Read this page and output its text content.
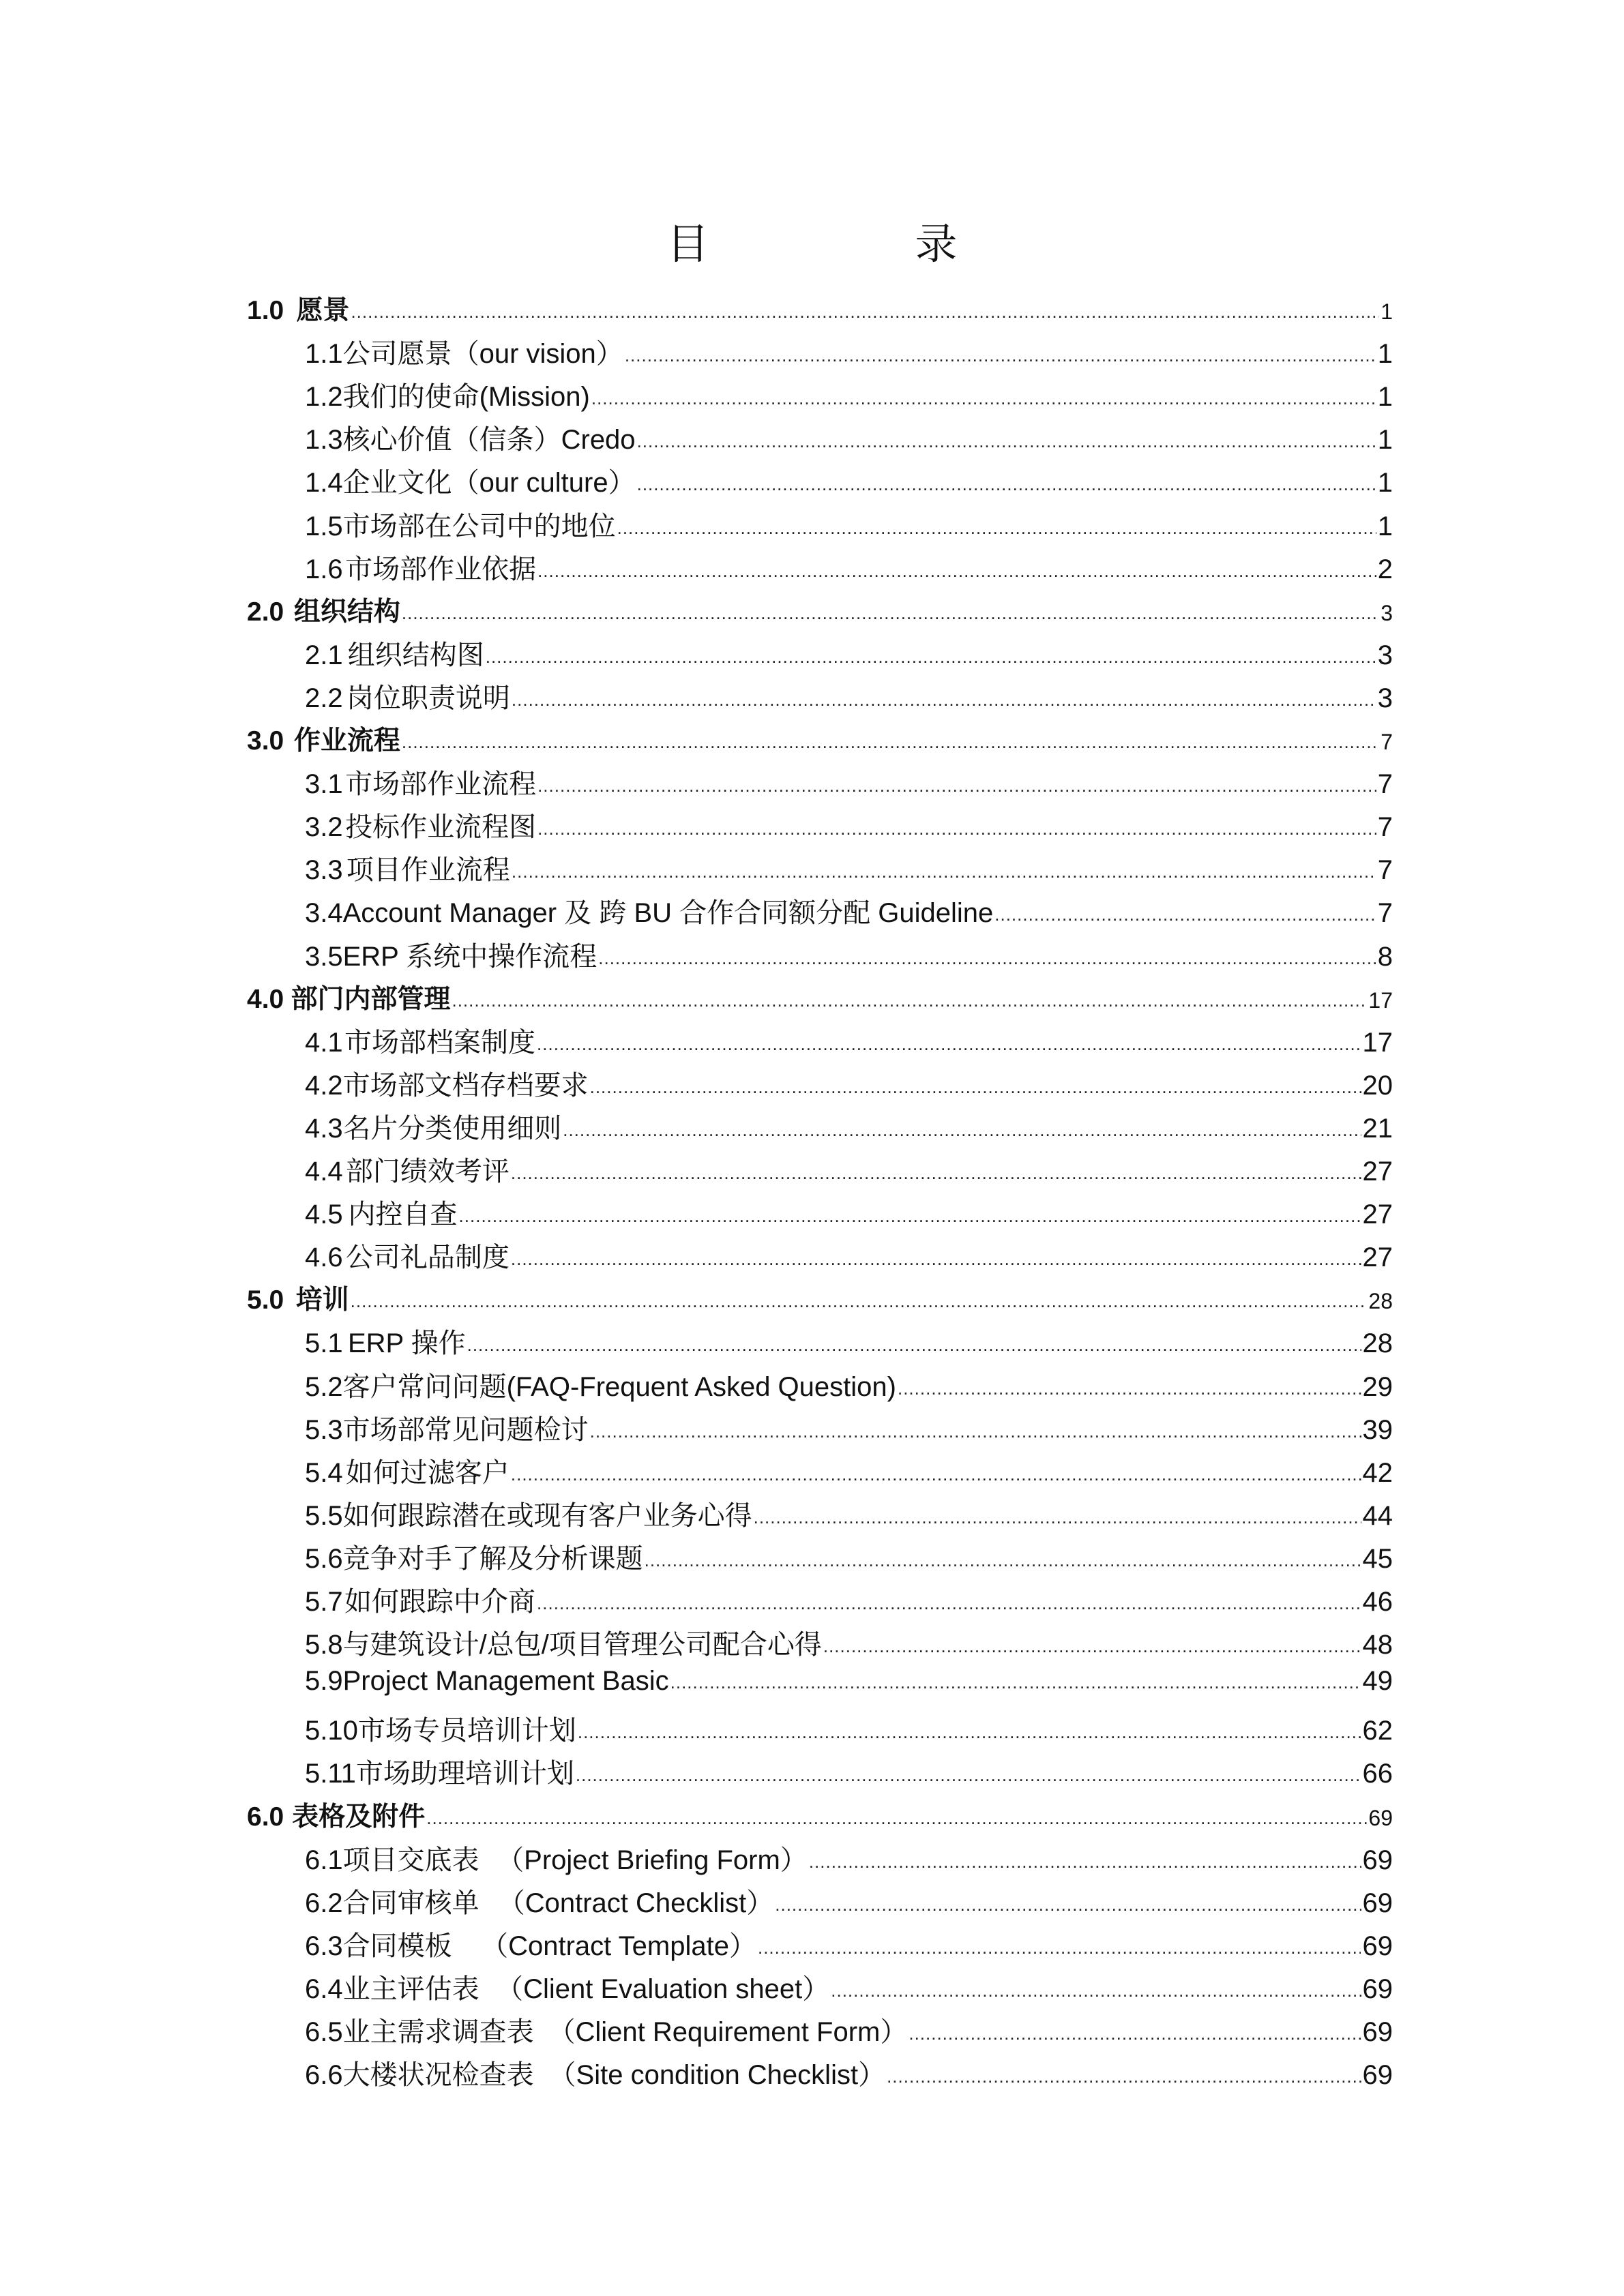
目　录
1.0 愿景 .....	1
1.1 公司愿景（our vision） .....	1
1.2 我们的使命(Mission) .....	1
1.3 核心价值（信条）Credo .....	1
1.4 企业文化（our culture） .....	1
1.5 市场部在公司中的地位 .....	1
1.6 市场部作业依据 .....	2
2.0 组织结构 .....	3
2.1 组织结构图 .....	3
2.2 岗位职责说明 .....	3
3.0 作业流程 .....	7
3.1 市场部作业流程 .....	7
3.2 投标作业流程图 .....	7
3.3 项目作业流程 .....	7
3.4 Account Manager 及 跨 BU 合作合同额分配 Guideline .....	7
3.5 ERP 系统中操作流程 .....	8
4.0 部门内部管理 .....	17
4.1 市场部档案制度 .....	17
4.2 市场部文档存档要求 .....	20
4.3 名片分类使用细则 .....	21
4.4 部门绩效考评 .....	27
4.5 内控自查 .....	27
4.6 公司礼品制度 .....	27
5.0 培训 .....	28
5.1 ERP 操作 .....	28
5.2 客户常问问题(FAQ-Frequent Asked Question) .....	29
5.3 市场部常见问题检讨 .....	39
5.4 如何过滤客户 .....	42
5.5 如何跟踪潜在或现有客户业务心得 .....	44
5.6 竞争对手了解及分析课题 .....	45
5.7 如何跟踪中介商 .....	46
5.8 与建筑设计/总包/项目管理公司配合心得 .....	48
5.9 Project Management Basic .....	49
5.10 市场专员培训计划 .....	62
5.11 市场助理培训计划 .....	66
6.0 表格及附件 .....	69
6.1 项目交底表 （Project Briefing Form） .....	69
6.2 合同审核单 （Contract Checklist） .....	69
6.3 合同模板 （Contract Template） .....	69
6.4 业主评估表 （Client Evaluation sheet） .....	69
6.5 业主需求调查表 （Client Requirement Form） .....	69
6.6 大楼状况检查表 （Site condition Checklist） .....	69
